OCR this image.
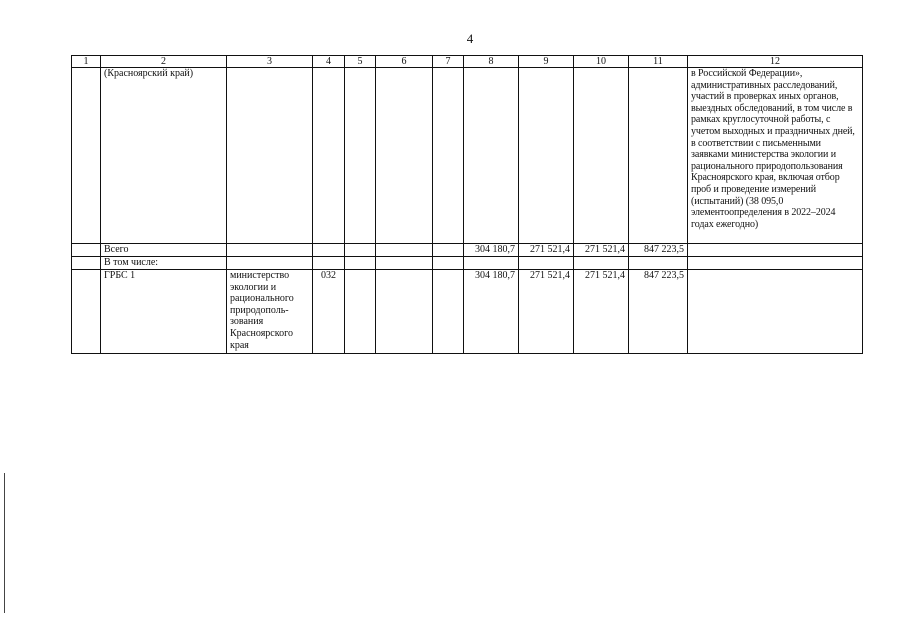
4
1	2	3	4	5	6	7	8	9	10	11	12
	(Красноярский край)										в Российской Федерации», административных расследований, участий в проверках иных органов, выездных обследований, в том числе в рамках круглосуточной работы, с учетом выходных и праздничных дней, в соответствии с письменными заявками министерства экологии и рационального природопользования Красноярского края, включая отбор проб и проведение измерений (испытаний) (38 095,0 элементоопределения в 2022–2024 годах ежегодно)
	Всего						304 180,7	271 521,4	271 521,4	847 223,5	
	В том числе:										
	ГРБС 1	министерство экологии и рационального природополь-зования Красноярского края	032				304 180,7	271 521,4	271 521,4	847 223,5	
